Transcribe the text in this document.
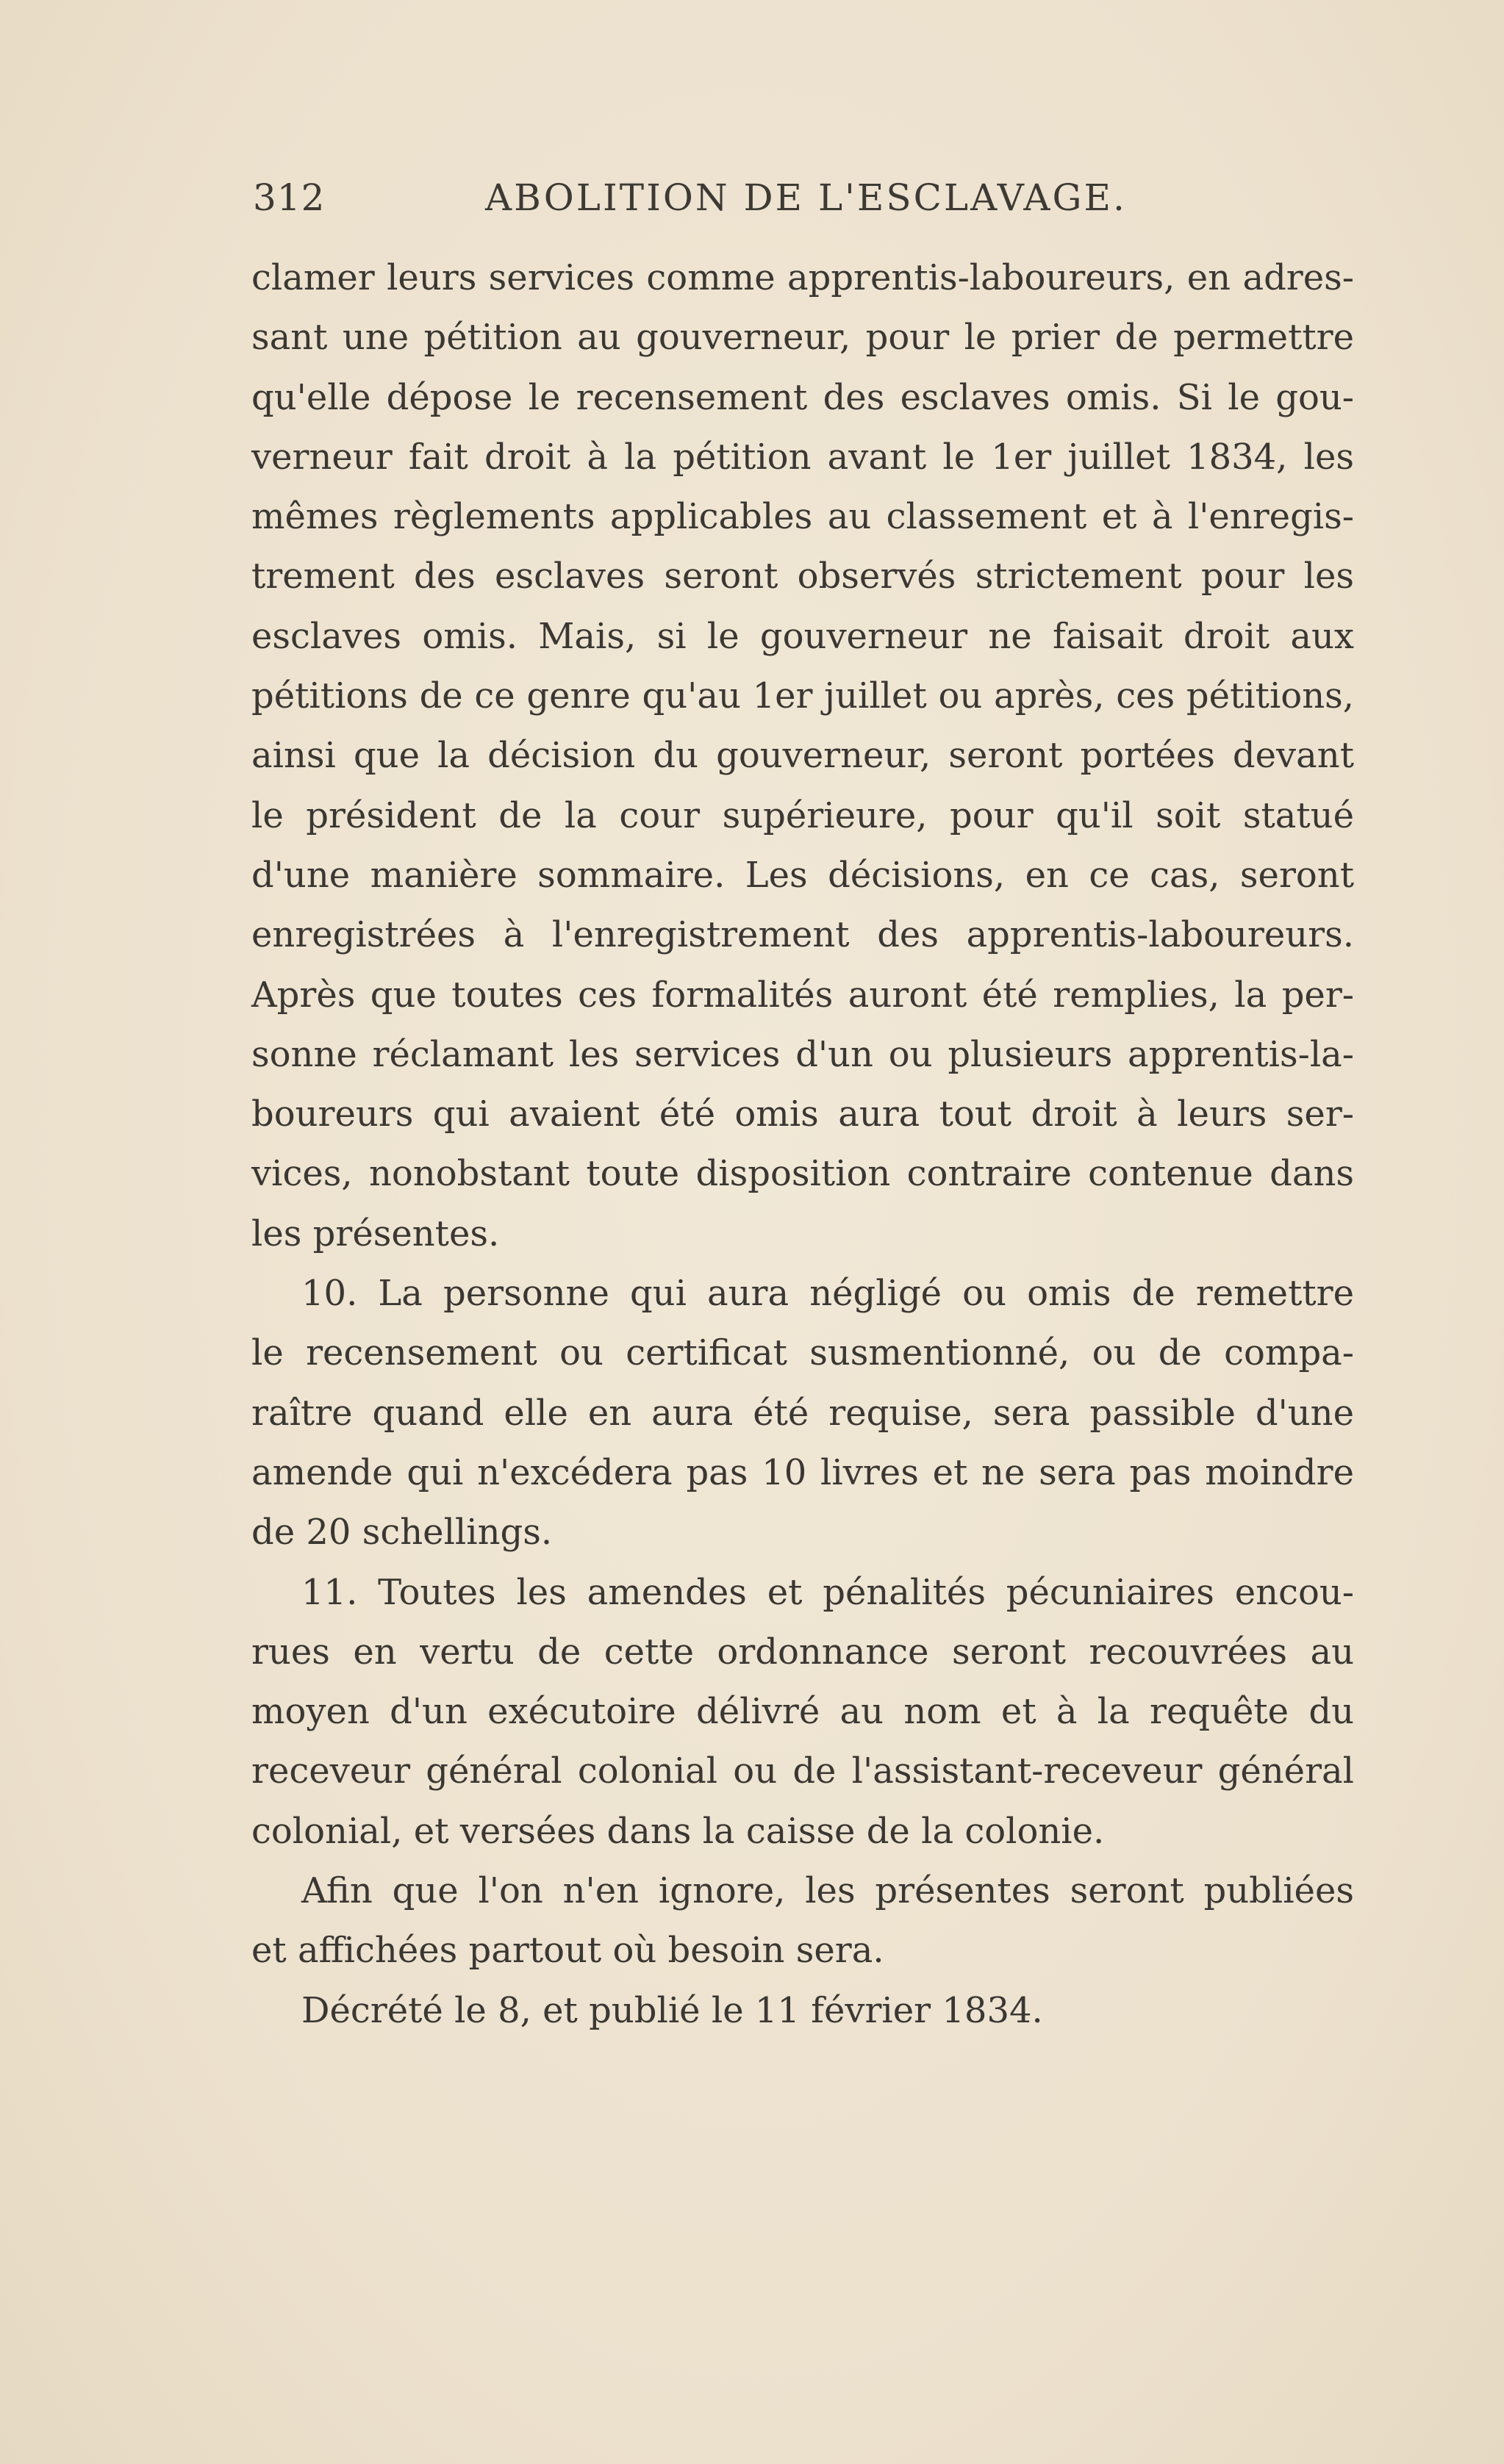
312	ABOLITION DE L'ESCLAVAGE.
clamer leurs services comme apprentis-laboureurs, en adres-
sant une pétition au gouverneur, pour le prier de permettre
qu'elle dépose le recensement des esclaves omis. Si le gou-
verneur fait droit à la pétition avant le 1er juillet 1834, les
mêmes règlements applicables au classement et à l'enregis-
trement des esclaves seront observés strictement pour les
esclaves omis. Mais, si le gouverneur ne faisait droit aux
pétitions de ce genre qu'au 1er juillet ou après, ces pétitions,
ainsi que la décision du gouverneur, seront portées devant
le président de la cour supérieure, pour qu'il soit statué
d'une manière sommaire. Les décisions, en ce cas, seront
enregistrées à l'enregistrement des apprentis-laboureurs.
Après que toutes ces formalités auront été remplies, la per-
sonne réclamant les services d'un ou plusieurs apprentis-la-
boureurs qui avaient été omis aura tout droit à leurs ser-
vices, nonobstant toute disposition contraire contenue dans
les présentes.
10. La personne qui aura négligé ou omis de remettre
le recensement ou certificat susmentionné, ou de compa-
raître quand elle en aura été requise, sera passible d'une
amende qui n'excédera pas 10 livres et ne sera pas moindre
de 20 schellings.
11. Toutes les amendes et pénalités pécuniaires encou-
rues en vertu de cette ordonnance seront recouvrées au
moyen d'un exécutoire délivré au nom et à la requête du
receveur général colonial ou de l'assistant-receveur général
colonial, et versées dans la caisse de la colonie.
Afin que l'on n'en ignore, les présentes seront publiées
et affichées partout où besoin sera.
Décrété le 8, et publié le 11 février 1834.
